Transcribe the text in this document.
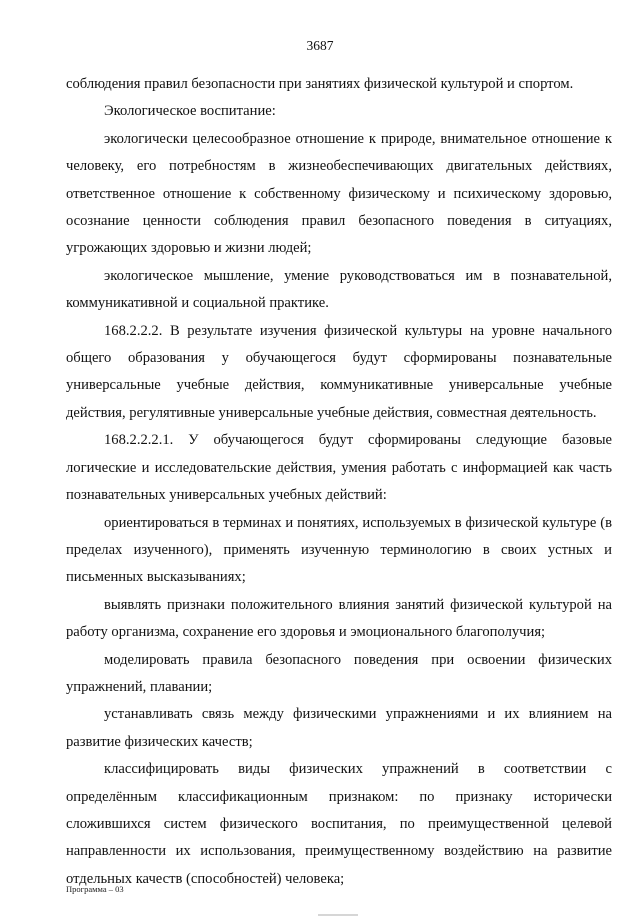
3687

соблюдения правил безопасности при занятиях физической культурой и спортом.

Экологическое воспитание:

экологически целесообразное отношение к природе, внимательное отношение к человеку, его потребностям в жизнеобеспечивающих двигательных действиях, ответственное отношение к собственному физическому и психическому здоровью, осознание ценности соблюдения правил безопасного поведения в ситуациях, угрожающих здоровью и жизни людей;

экологическое мышление, умение руководствоваться им в познавательной, коммуникативной и социальной практике.

168.2.2.2. В результате изучения физической культуры на уровне начального общего образования у обучающегося будут сформированы познавательные универсальные учебные действия, коммуникативные универсальные учебные действия, регулятивные универсальные учебные действия, совместная деятельность.

168.2.2.2.1. У обучающегося будут сформированы следующие базовые логические и исследовательские действия, умения работать с информацией как часть познавательных универсальных учебных действий:

ориентироваться в терминах и понятиях, используемых в физической культуре (в пределах изученного), применять изученную терминологию в своих устных и письменных высказываниях;

выявлять признаки положительного влияния занятий физической культурой на работу организма, сохранение его здоровья и эмоционального благополучия;

моделировать правила безопасного поведения при освоении физических упражнений, плавании;

устанавливать связь между физическими упражнениями и их влиянием на развитие физических качеств;

классифицировать виды физических упражнений в соответствии с определённым классификационным признаком: по признаку исторически сложившихся систем физического воспитания, по преимущественной целевой направленности их использования, преимущественному воздействию на развитие отдельных качеств (способностей) человека;

Программа – 03
